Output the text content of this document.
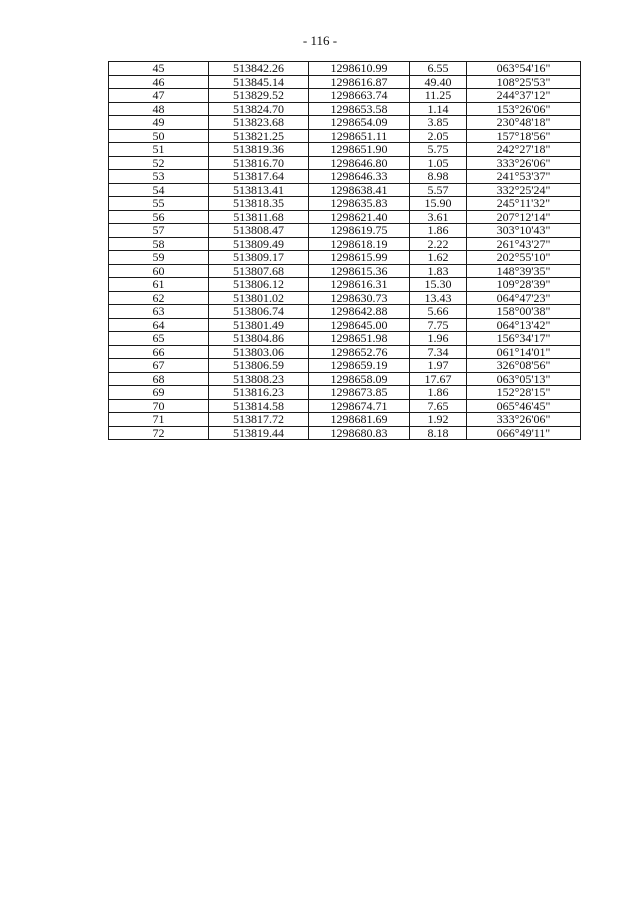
- 116 -
45	513842.26	1298610.99	6.55	063°54'16"
46	513845.14	1298616.87	49.40	108°25'53"
47	513829.52	1298663.74	11.25	244°37'12"
48	513824.70	1298653.58	1.14	153°26'06"
49	513823.68	1298654.09	3.85	230°48'18"
50	513821.25	1298651.11	2.05	157°18'56"
51	513819.36	1298651.90	5.75	242°27'18"
52	513816.70	1298646.80	1.05	333°26'06"
53	513817.64	1298646.33	8.98	241°53'37"
54	513813.41	1298638.41	5.57	332°25'24"
55	513818.35	1298635.83	15.90	245°11'32"
56	513811.68	1298621.40	3.61	207°12'14"
57	513808.47	1298619.75	1.86	303°10'43"
58	513809.49	1298618.19	2.22	261°43'27"
59	513809.17	1298615.99	1.62	202°55'10"
60	513807.68	1298615.36	1.83	148°39'35"
61	513806.12	1298616.31	15.30	109°28'39"
62	513801.02	1298630.73	13.43	064°47'23"
63	513806.74	1298642.88	5.66	158°00'38"
64	513801.49	1298645.00	7.75	064°13'42"
65	513804.86	1298651.98	1.96	156°34'17"
66	513803.06	1298652.76	7.34	061°14'01"
67	513806.59	1298659.19	1.97	326°08'56"
68	513808.23	1298658.09	17.67	063°05'13"
69	513816.23	1298673.85	1.86	152°28'15"
70	513814.58	1298674.71	7.65	065°46'45"
71	513817.72	1298681.69	1.92	333°26'06"
72	513819.44	1298680.83	8.18	066°49'11"
